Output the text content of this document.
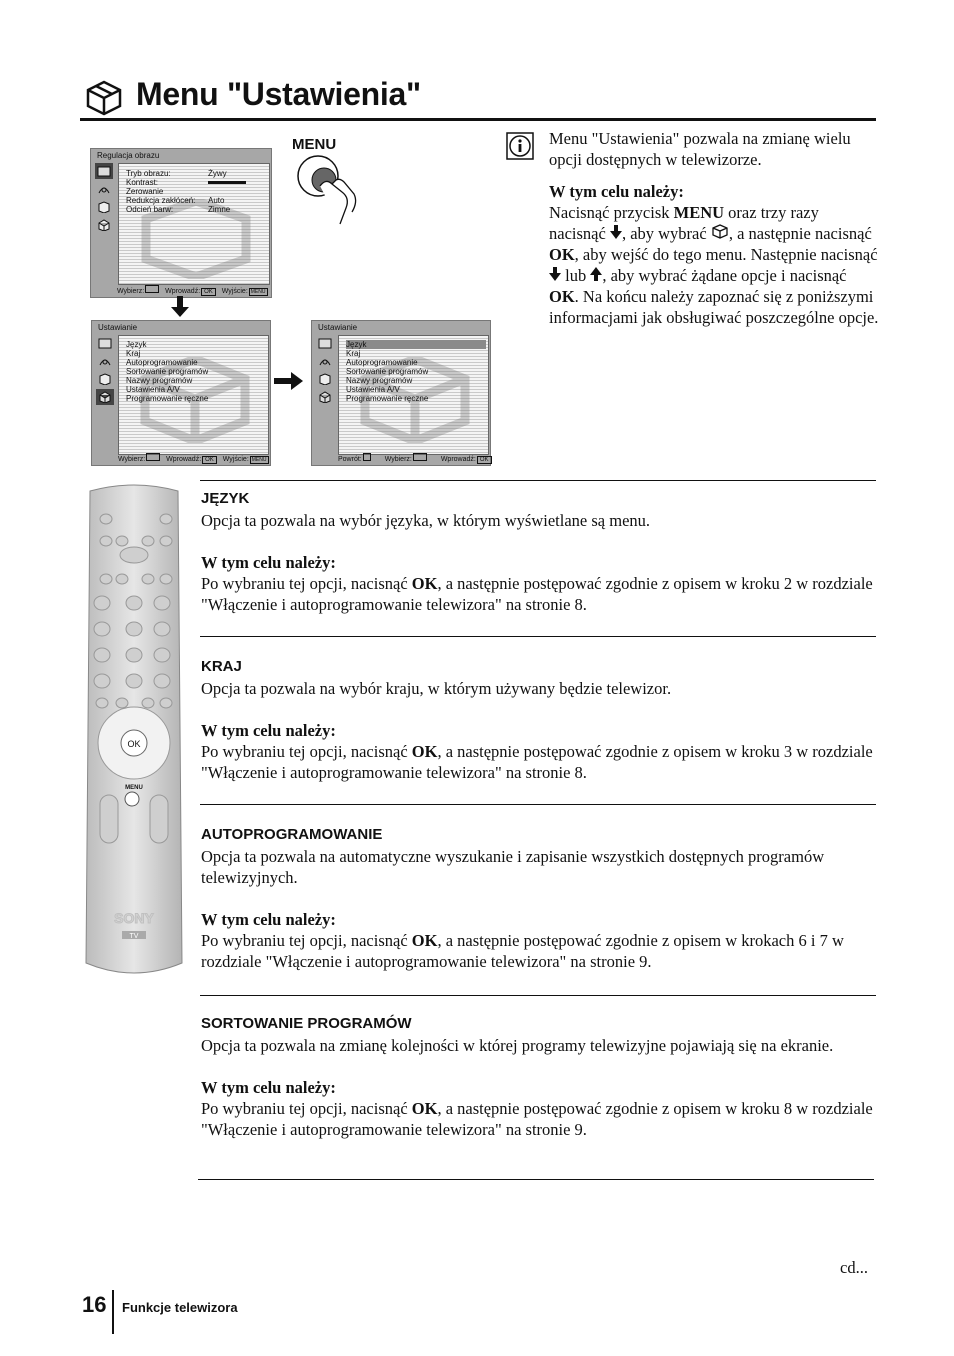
Menu "Ustawienia"
Regulacja obrazu
Tryb obrazu:	Żywy
Kontrast:
Zerowanie
Redukcja zakłóceń:	Auto
Odcień barw:	Zimne
Wybierz:	Wprowadź: OK Wyjście: MENU
Ustawianie
Język
Kraj
Autoprogramowanie
Sortowanie programów
Nazwy programów
Ustawienia A/V
Programowanie ręczne
Wybierz:	Wprowadź: OK Wyjście: MENU
Ustawianie
Język
Kraj
Autoprogramowanie
Sortowanie programów
Nazwy programów
Ustawienia A/V
Programowanie ręczne
Powrót:	Wybierz:	Wprowadź: OK
MENU	Menu "Ustawienia" pozwala na zmianę wielu opcji dostępnych w telewizorze.

W tym celu należy:

Nacisnąć przycisk MENU oraz trzy razy nacisnąć , aby wybrać , a następnie nacisnąć OK, aby wejść do tego menu. Następnie nacisnąć  lub , aby wybrać żądane opcje i nacisnąć OK. Na końcu należy zapoznać się z poniższymi informacjami jak obsługiwać poszczególne opcje.

OK
MENU
SONY
TV
JĘZYK

Opcja ta pozwala na wybór języka, w którym wyświetlane są menu.

W tym celu należy:

Po wybraniu tej opcji, nacisnąć OK, a następnie postępować zgodnie z opisem w kroku 2 w rozdziale "Włączenie i autoprogramowanie telewizora" na stronie 8.

KRAJ

Opcja ta pozwala na wybór kraju, w którym używany będzie telewizor.

W tym celu należy:

Po wybraniu tej opcji, nacisnąć OK, a następnie postępować zgodnie z opisem w kroku 3 w rozdziale "Włączenie i autoprogramowanie telewizora" na stronie 8.

AUTOPROGRAMOWANIE

Opcja ta pozwala na automatyczne wyszukanie i zapisanie wszystkich dostępnych programów telewizyjnych.

W tym celu należy:

Po wybraniu tej opcji, nacisnąć OK, a następnie postępować zgodnie z opisem w krokach 6 i 7 w rozdziale "Włączenie i autoprogramowanie telewizora" na stronie 9.

SORTOWANIE PROGRAMÓW

Opcja ta pozwala na zmianę kolejności w której programy telewizyjne pojawiają się na ekranie.

W tym celu należy:

Po wybraniu tej opcji, nacisnąć OK, a następnie postępować zgodnie z opisem w kroku 8 w rozdziale "Włączenie i autoprogramowanie telewizora" na stronie 9.

cd...
16 Funkcje telewizora
